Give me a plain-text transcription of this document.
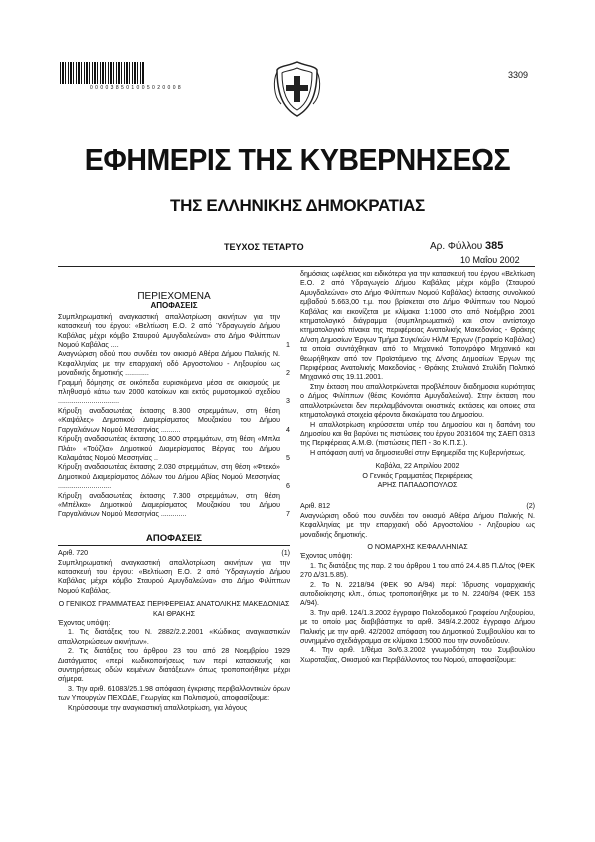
0 0 0 0 3 8 5 0 1 0 0 5 0 2 0 0 0 8
3309
ΕΦΗΜΕΡΙΣ ΤΗΣ ΚΥΒΕΡΝΗΣΕΩΣ
ΤΗΣ ΕΛΛΗΝΙΚΗΣ ΔΗΜΟΚΡΑΤΙΑΣ
ΤΕΥΧΟΣ ΤΕΤΑΡΤΟ	Αρ. Φύλλου 385
10 Μαΐου 2002
ΠΕΡΙΕΧΟΜΕΝΑ
ΑΠΟΦΑΣΕΙΣ
Συμπληρωματική αναγκαστική απαλλοτρίωση ακινήτων για την κατασκευή του έργου: «Βελτίωση Ε.Ο. 2 από Ύδραγωγείο Δήμου Καβάλας μέχρι κόμβο Σταυρού Αμυγδαλεώνα» στο Δήμο Φιλίππων Νομού Καβάλας ....	1
Αναγνώριση οδού που συνδέει τον οικισμό Αθέρα Δήμου Παλικής Ν. Κεφαλληνίας με την επαρχιακή οδό Αργοστολιου - Ληξουρίου ως μοναδικής δημοτικής ............	2
Γραμμή δόμησης σε οικόπεδα ευρισκόμενα μέσα σε οικισμούς με πληθυσμό κάτω των 2000 κατοίκων και εκτός ρυμοτομικού σχεδίου ...............................	3
Κήρυξη αναδασωτέας έκτασης 8.300 στρεμμάτων, στη θέση «Καψάλες» Δημοτικού Διαμερίσματος Μουζακίου του Δήμου Γαργαλιάνων Νομού Μεσσηνίας ..........	4
Κήρυξη αναδασωτέας έκτασης 10.800 στρεμμάτων, στη θέση «Μπλα Πλάι» «Τούζλα» Δημοτικού Διαμερίσματος Βέργας του Δήμου Καλαμάτας Νομού Μεσσηνίας ..	5
Κήρυξη αναδασωτέας έκτασης 2.030 στρεμμάτων, στη θέση «Φτεκό» Δημοτικού Διαμερίσματος Δόλων του Δήμου Αβίας Νομού Μεσσηνίας ...........................	6
Κήρυξη αναδασωτέας έκτασης 7.300 στρεμμάτων, στη θέση «Μπέλκα» Δημοτικού Διαμερίσματος Μουζακίου του Δήμου Γαργαλιάνων Νομού Μεσσηνίας .............	7
ΑΠΟΦΑΣΕΙΣ
Αριθ. 720	(1)

Συμπληρωματική αναγκαστική απαλλοτρίωση ακινήτων για την κατασκευή του έργου: «Βελτίωση Ε.Ο. 2 από Ύδραγωγείο Δήμου Καβάλας μέχρι κόμβο Σταυρού Αμυγδαλεώνα» στο Δήμο Φιλίππων Νομού Καβάλας.

Ο ΓΕΝΙΚΟΣ ΓΡΑΜΜΑΤΕΑΣ ΠΕΡΙΦΕΡΕΙΑΣ ΑΝΑΤΟΛΙΚΗΣ ΜΑΚΕΔΟΝΙΑΣ ΚΑΙ ΘΡΑΚΗΣ

Έχοντας υπόψη:

1. Τις διατάξεις του Ν. 2882/2.2.2001 «Κώδικας αναγκαστικών απαλλοτριώσεων ακινήτων».

2. Τις διατάξεις του άρθρου 23 του από 28 Νοεμβρίου 1929 Διατάγματος «περί κωδικοποιήσεως των περί κατασκευής και συντηρήσεως οδών κειμένων διατάξεων» όπως τροποποιήθηκε μέχρι σήμερα.

3. Την αριθ. 61083/25.1.98 απόφαση έγκρισης περιβαλλοντικών όρων των Υπουργών ΠΕΧΩΔΕ, Γεωργίας και Πολιτισμού, αποφασίζουμε:

Κηρύσσουμε την αναγκαστική απαλλοτρίωση, για λόγους

δημόσιας ωφέλειας και ειδικότερα για την κατασκευή του έργου «Βελτίωση Ε.Ο. 2 από Υδραγωγείο Δήμου Καβάλας μέχρι κόμβο (Σταυρού Αμυγδαλεώνα» στο Δήμο Φιλίππων Νομού Καβάλας) έκτασης συνολικού εμβαδού 5.663,00 τ.μ. που βρίσκεται στο Δήμο Φιλίππων του Νομού Καβάλας και εικονίζεται με κλίμακα 1:1000 στο από Νοέμβριο 2001 κτηματολογικό διάγραμμα (συμπληρωματικό) και στον αντίστοιχο κτηματολογικό πίνακα της περιφέρειας Ανατολικής Μακεδονίας - Θράκης Δ/νση Δημοσίων Έργων Τμήμα Συγκ/κών Ηλ/Μ Έργων (Γραφείο Καβάλας) τα οποία συντάχθηκαν από το Μηχανικό Τοπογράφο Μηχανικό και θεωρήθηκαν από τον Προϊστάμενο της Δ/νσης Δημοσίων Έργων της Περιφέρειας Ανατολικής Μακεδονίας - Θράκης Στυλιανό Στυλίδη Πολιτικό Μηχανικό στις 19.11.2001.

Στην έκταση που απαλλοτριώνεται προβλέπουν διαδημοσια κυριότητας ο Δήμος Φιλίππων (θέσις Κονιόπτα Αμυγδαλεώνα). Στην έκταση που απαλλοτριώνεται δεν περιλαμβάνονται οικιστικές εκτάσεις και οποιες στα κτηματολογικά στοιχεία φέροντα δικαιώματα του Δημοσίου.

Η απαλλοτρίωση κηρύσσεται υπέρ του Δημοσίου και η δαπάνη του Δημοσίου και θα βαρύνει τις πιστώσεις του έργου 2031604 της ΣΑΕΠ 0313 της Περιφέρειας Α.Μ.Θ. (πιστώσεις ΠΕΠ - 3ο Κ.Π.Σ.).

Η απόφαση αυτή να δημοσιευθεί στην Εφημερίδα της Κυβερνήσεως.

Καβάλα, 22 Απριλίου 2002

Ο Γενικός Γραμματέας Περιφέρειας

ΑΡΗΣ ΠΑΠΑΔΟΠΟΥΛΟΣ

Αριθ. 812	(2)

Αναγνώριση οδού που συνδέει τον οικισμό Αθέρα Δήμου Παλικής Ν. Κεφαλληνίας με την επαρχιακή οδό Αργοστολίου - Ληξουρίου ως μοναδικής δημοτικής.

Ο ΝΟΜΑΡΧΗΣ ΚΕΦΑΛΛΗΝΙΑΣ

Έχοντας υπόψη:

1. Τις διατάξεις της παρ. 2 του άρθρου 1 του από 24.4.85 Π.Δ/τος (ΦΕΚ 270 Δ/31.5.85).

2. Το Ν. 2218/94 (ΦΕΚ 90 Α/94) περί: Ίδρυσης νομαρχιακής αυτοδιοίκησης κλπ., όπως τροποποιήθηκε με το Ν. 2240/94 (ΦΕΚ 153 Α/94).

3. Την αριθ. 124/1.3.2002 έγγραφο Πολεοδομικού Γραφείου Ληξουρίου, με το οποίο μας διαβιβάστηκε το αριθ. 349/4.2.2002 έγγραφο Δήμου Παλικής με την αριθ. 42/2002 απόφαση του Δημοτικού Συμβουλίου και το συνημμένο σχεδιάγραμμα σε κλίμακα 1:5000 που την συνοδεύουν.

4. Την αριθ. 1/θέμα 3ο/6.3.2002 γνωμοδότηση του Συμβουλίου Χωροταξίας, Οικισμού και Περιβάλλοντος του Νομού, αποφασίζουμε:
